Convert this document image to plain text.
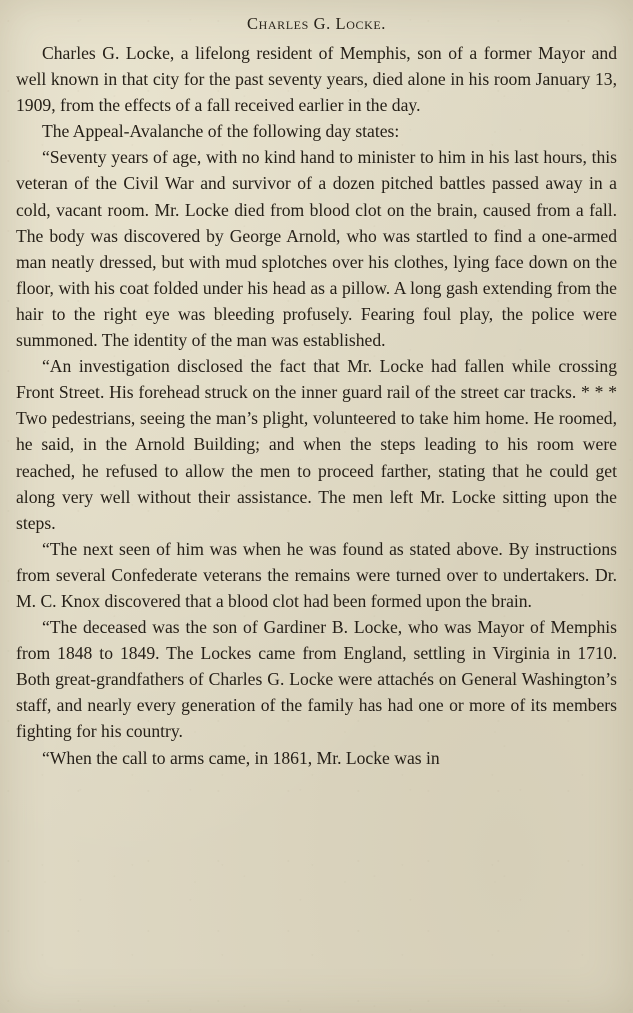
Charles G. Locke.

Charles G. Locke, a lifelong resident of Memphis, son of a former Mayor and well known in that city for the past seventy years, died alone in his room January 13, 1909, from the effects of a fall received earlier in the day.

The Appeal-Avalanche of the following day states:

“Seventy years of age, with no kind hand to minister to him in his last hours, this veteran of the Civil War and survivor of a dozen pitched battles passed away in a cold, vacant room. Mr. Locke died from blood clot on the brain, caused from a fall. The body was discovered by George Arnold, who was startled to find a one-armed man neatly dressed, but with mud splotches over his clothes, lying face down on the floor, with his coat folded under his head as a pillow. A long gash extending from the hair to the right eye was bleeding profusely. Fearing foul play, the police were summoned. The identity of the man was established.

“An investigation disclosed the fact that Mr. Locke had fallen while crossing Front Street. His forehead struck on the inner guard rail of the street car tracks. * * * Two pedestrians, seeing the man’s plight, volunteered to take him home. He roomed, he said, in the Arnold Building; and when the steps leading to his room were reached, he refused to allow the men to proceed farther, stating that he could get along very well without their assistance. The men left Mr. Locke sitting upon the steps.

“The next seen of him was when he was found as stated above. By instructions from several Confederate veterans the remains were turned over to undertakers. Dr. M. C. Knox discovered that a blood clot had been formed upon the brain.

“The deceased was the son of Gardiner B. Locke, who was Mayor of Memphis from 1848 to 1849. The Lockes came from England, settling in Virginia in 1710. Both great-grandfathers of Charles G. Locke were attachés on General Washington’s staff, and nearly every generation of the family has had one or more of its members fighting for his country.

“When the call to arms came, in 1861, Mr. Locke was in
